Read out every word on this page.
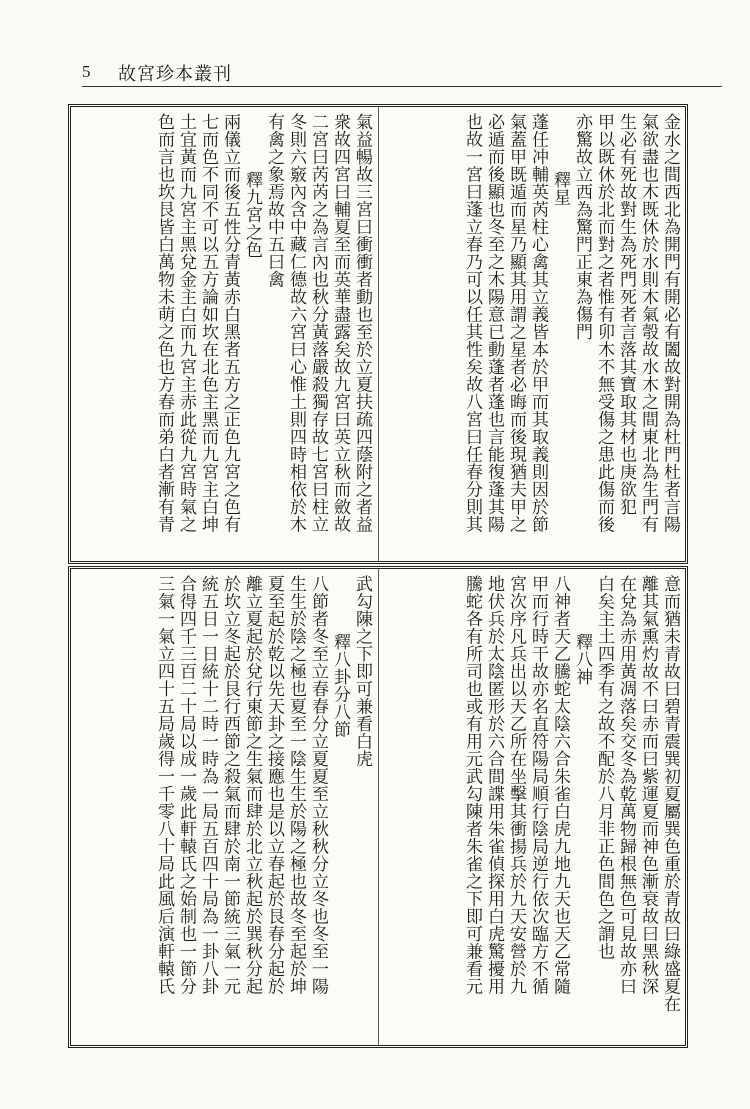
5 故宮珍本叢刊
金水之間西北為開門有開必有闔故對開為杜門杜者言陽
氣欲盡也木既休於水則木氣彀故水木之間東北為生門有
生必有死故對生為死門死者言落其寶取其材也庚欲犯
甲以既休於北而對之者惟有卯木不無受傷之患此傷而後
亦驚故立西為驚門正東為傷門
釋星
蓬任冲輔英芮柱心禽其立義皆本於甲而其取義則因於節
氣蓋甲既遁而星乃顯其用謂之星者必晦而後現猶夫甲之
必遁而後顯也冬至之木陽意已動蓬者蓬也言能復蓬其陽
也故一宮曰蓬立春乃可以任其性矣故八宮曰任春分則其
氣益暢故三宮曰衝衝者動也至於立夏扶疏四蔭附之者益
衆故四宮曰輔夏至而英華盡露矣故九宮曰英立秋而斂故
二宮曰芮芮之為言內也秋分黃落嚴殺獨存故七宮曰柱立
冬則六竅內含中藏仁德故六宮曰心惟土則四時相依於木
有禽之象焉故中五曰禽
釋九宮之色
兩儀立而後五性分青黃赤白黑者五方之正色九宮之色有
七而色不同不可以五方論如坎在北色主黑而九宮主白坤
土宜黃而九宮主黑兌金主白而九宮主赤此從九宮時氣之
色而言也坎艮皆白萬物未萌之色也方春而弟白者漸有青
意而猶未青故曰碧青震巽初夏屬巽色重於青故曰綠盛夏在
離其氣熏灼故不曰赤而曰紫運夏而神色漸衰故曰黑秋深
在兌為赤用黃凋落矣交冬為乾萬物歸根無色可見故亦曰
白矣主土四季有之故不配於八月非正色間色之謂也
釋八神
八神者天乙騰蛇太陰六合朱雀白虎九地九天也天乙常隨
甲而行時干故亦名直符陽局順行陰局逆行依次臨方不循
宮次序凡兵出以天乙所在坐擊其衝揚兵於九天安營於九
地伏兵於太陰匿形於六合間諜用朱雀偵探用白虎驚擾用
騰蛇各有所司也或有用元武勾陳者朱雀之下即可兼看元
武勾陳之下即可兼看白虎
釋八卦分八節
八節者冬至立春春分立夏夏至立秋秋分立冬也冬至一陽
生生於陰之極也夏至一陰生生於陽之極也故冬至起於坤
夏至起於乾以先天卦之接應也是以立春起於艮春分起於
離立夏起於兌行東節之生氣而肆於北立秋起於巽秋分起
於坎立冬起於艮行西節之殺氣而肆於南一節統三氣一元
統五日一日統十二時一時為一局五百四十局為一卦八卦
合得四千三百二十局以成一歲此軒轅氏之始制也一節分
三氣一氣立四十五局歲得一千零八十局此風后演軒轅氏
